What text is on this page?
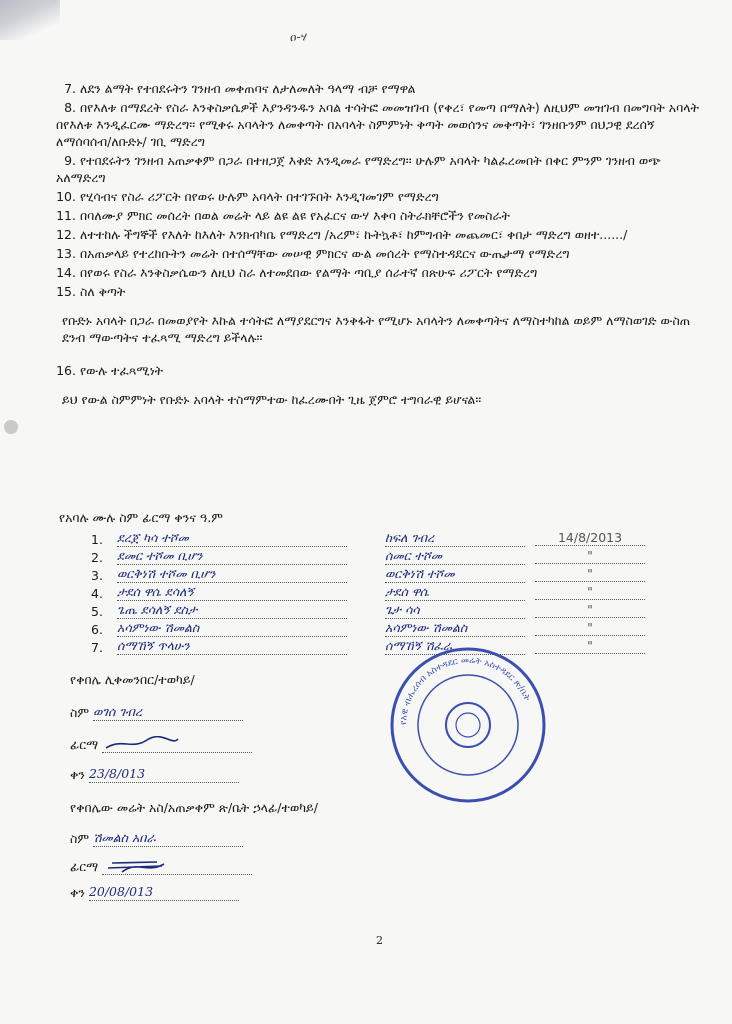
ዐ-ሃ
7. ለደን ልማት የተበደሩትን ገንዘብ መቀጠባና ለታለመለት ዓላማ ብቻ የማዋል
8. በየእለቱ በማደረት የስራ እንቅስቃሴዎች እያንዳንዱን አባል ተሳትፎ መመዝገብ (የቀረ፣ የመጣ በማለት) ለዚህም መዝገብ በመግባት አባላት በየእለቱ እንዲፈርሙ ማድረግ፡፡ የሚቀሩ አባላትን ለመቀጣት በአባላት ስምምነት ቅጣት መወሰንና መቅጣት፣ ገንዘቡንም በህጋዊ ደረሰኝ ለማሰባሰብ/ለቡድኑ/ ገቢ ማድረግ
9. የተበደሩትን ገንዘብ አጠቃቀም በጋራ በተዘጋጀ እቅድ እንዲመራ የማድረግ፡፡ ሁሉም አባላት ካልፈረመበት በቀር ምንም ገንዘብ ወጭ አለማድረግ
10. የሂሳብና የስራ ሪፖርት በየወሩ ሁሉም አባላት በተገኙበት እንዲገመገም የማድረግ
11. በባለሙያ ምክር መሰረት በወል መሬት ላይ ልዩ ልዩ የአፈርና ውሃ እቀባ ስትራክቸሮችን የመስራት
12. ለተተከሉ ችግኞች የእለት ከእለት እንክብካቤ የማድረግ /አረም፣ ኩትኳቶ፣ ከምግብት መጨመር፣ ቀበታ ማድረግ ወዘተ....../
13. በአጠቃላይ የተረከቡትን መሬት በተሰማቸው መሠዊ ምክርና ውል መሰረት የማስተዳደርና ውጤታማ የማድረግ
14. በየወሩ የስራ እንቅስቃሴውን ለዚህ ስራ ለተመደበው የልማት ጣቢያ ሰራተኛ በጽሁፍ ሪፖርት የማድረግ
15. ስለ ቅጣት
የቡድኑ አባላት በጋራ በመወያየት እኩል ተሳትፎ ለማያደርግና እንቅፋት የሚሆኑ አባላትን ለመቀጣትና ለማስተካከል ወይም ለማስወገድ ውስጠ ደንብ ማውጣትና ተፈጻሚ ማድረግ ይችላሉ፡፡
16. የውሉ ተፈጻሚነት
ይህ የውል ስምምነት የቡድኑ አባላት ተስማምተው ከፈረሙበት ጊዜ ጀምሮ ተግባራዊ ይሆናል፡፡
የአባሉ ሙሉ ስም ፊርማ ቀንና ዓ.ም
1.	ደረጀ ካሳ ተሾመ	ከፍለ ገብረ	14/8/2013
2.	ደመር ተሾመ ቢሆን	ሰመር ተሾመ	"
3.	ወርቅነሽ ተሾመ ቢሆን	ወርቅነሽ ተሾመ	"
4.	ታደሰ ዋሴ ደሳለኝ	ታደሰ ዋሴ	"
5.	ጌጤ ደሳለኝ ደስታ	ጌታ ሳሳ	"
6.	አሳምነው ሽመልስ	አሳምነው ሽመልስ	"
7.	ሰማኸኝ ጥላሁን	ሰማኸኝ ሽፈራ	"
የቀበሌ ሊቀመንበር/ተወካይ/
ስም ወገሰ ገብረ
ፊርማ
ቀን 23/8/013
የቀበሌው መሬት አስ/አጠቃቀም ጽ/ቤት ኃላፊ/ተወካይ/
ስም ሽመልስ አበራ
ፊርማ
ቀን 20/08/013
የአዊ ብሔረሰብ አስተዳደር መሬት አስተዳደር ጽ/ቤት
2
